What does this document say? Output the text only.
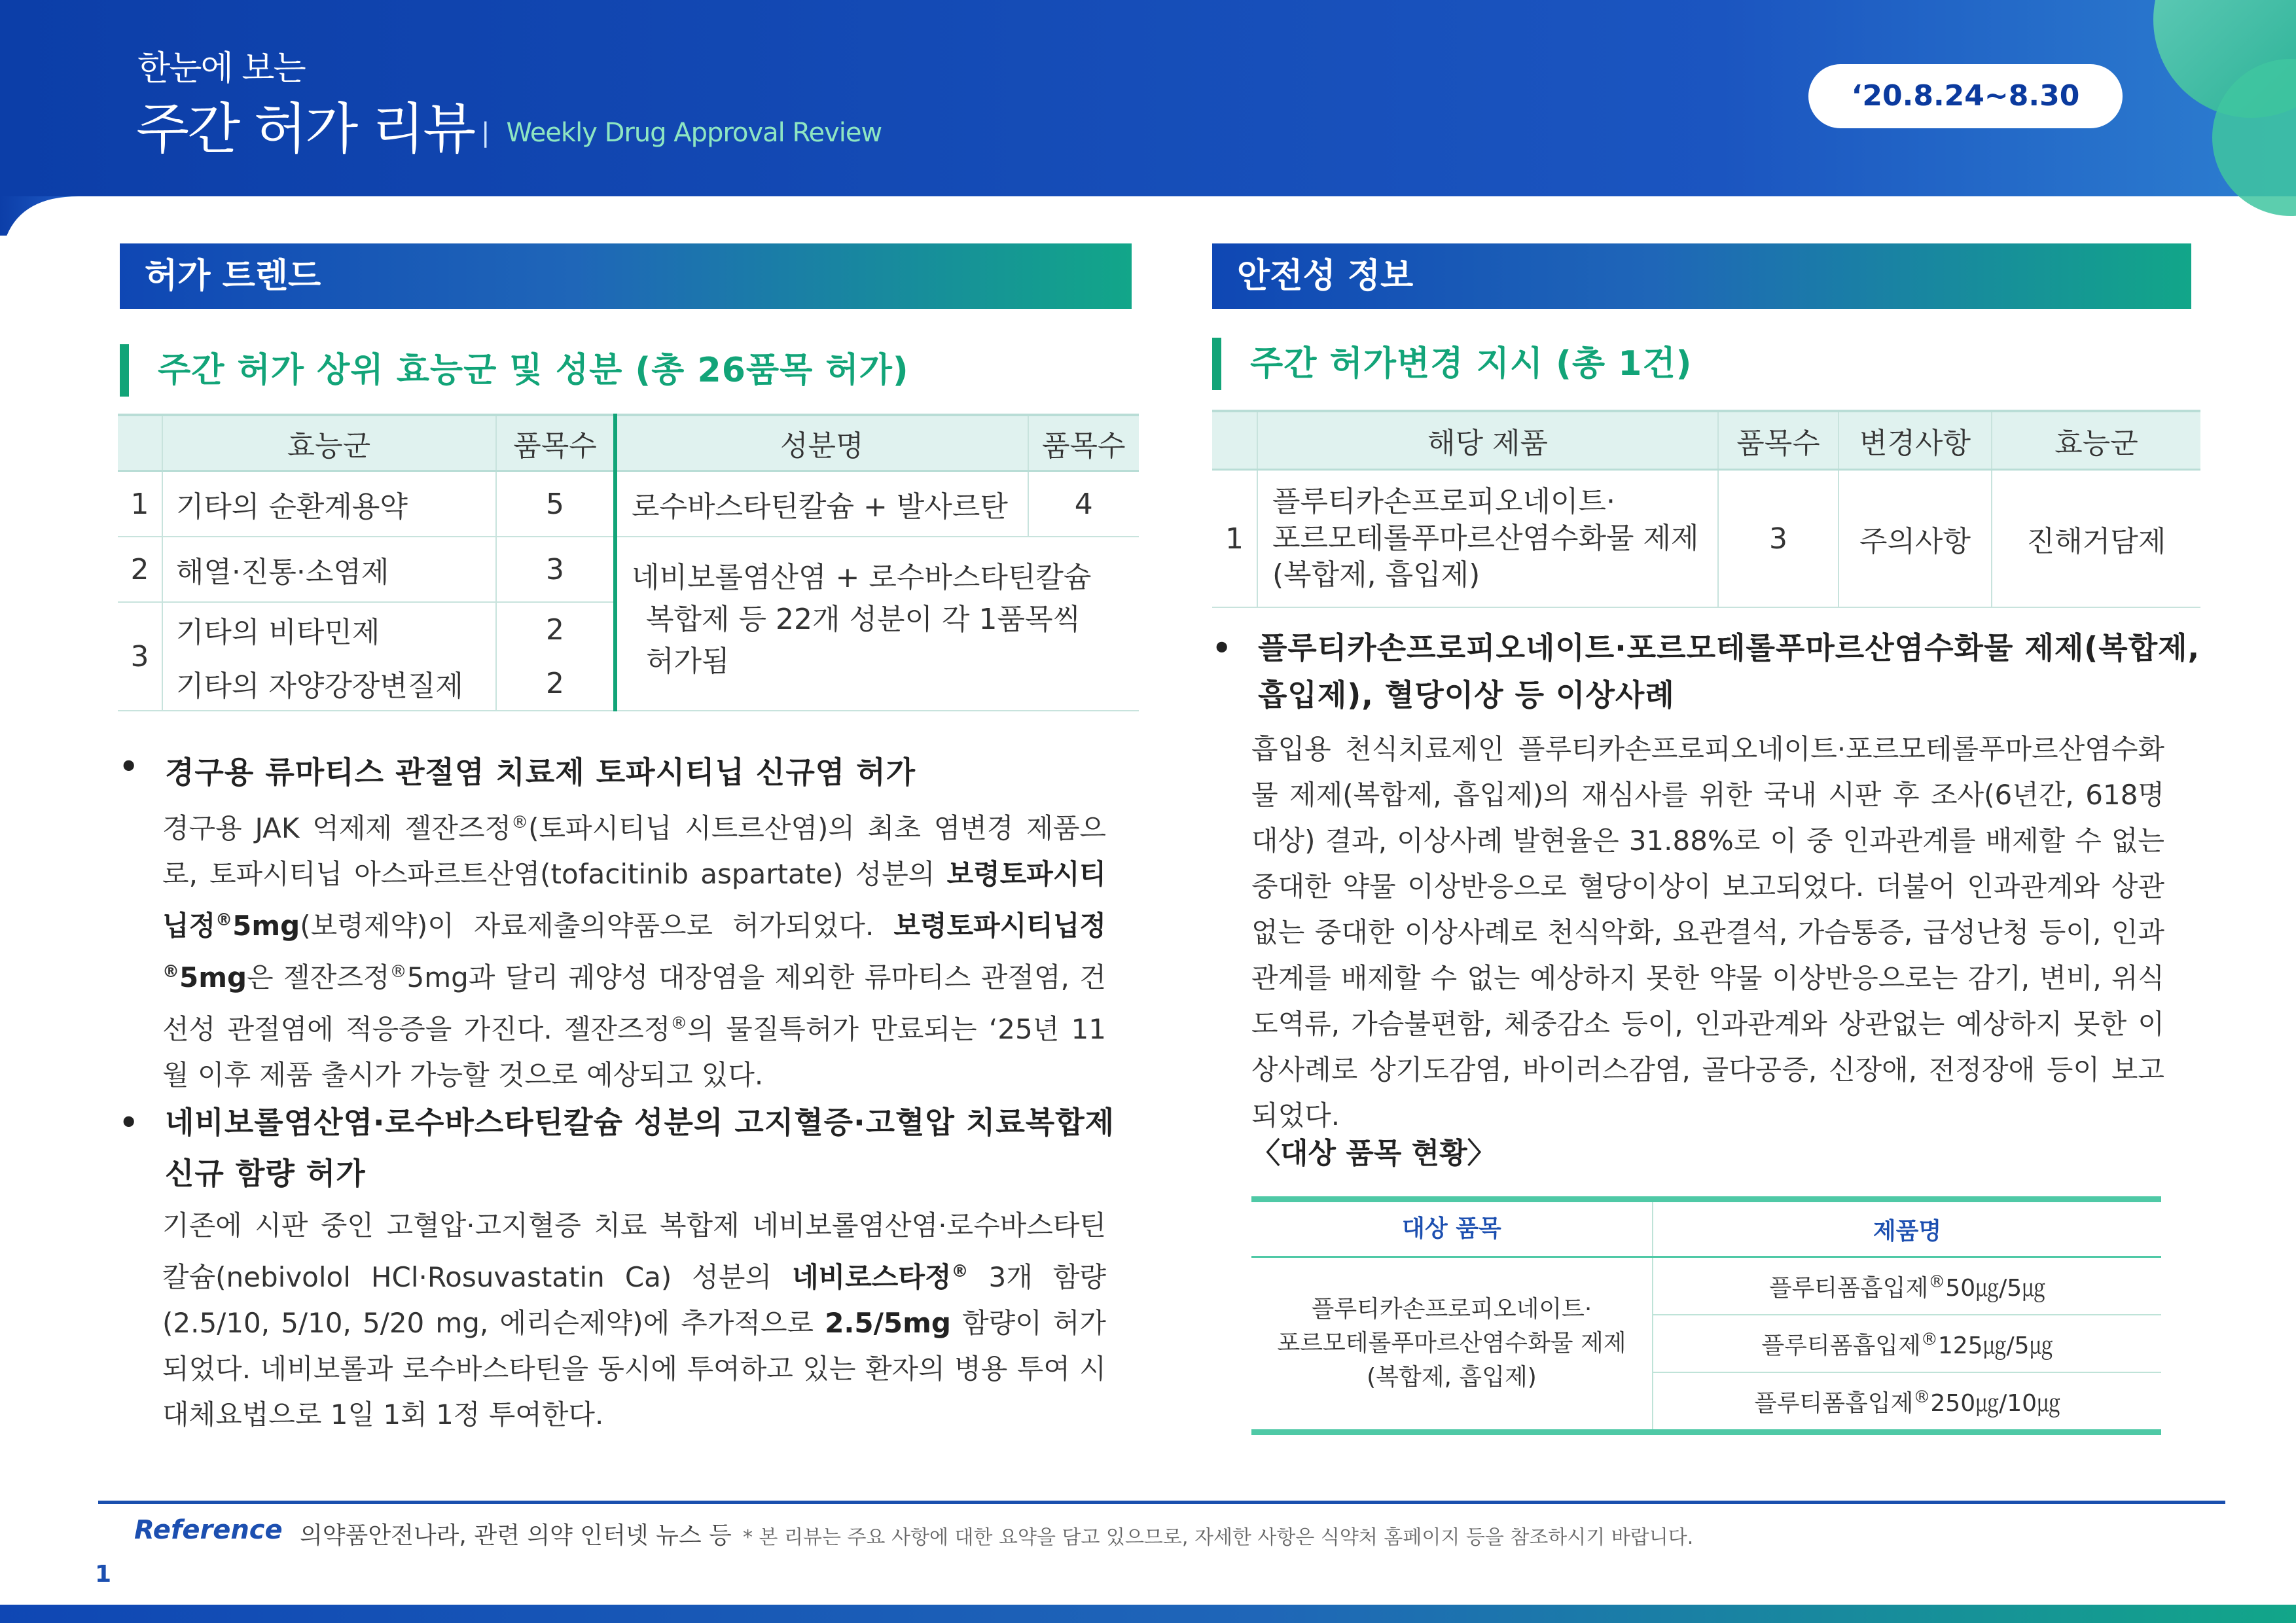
한눈에 보는
주간 허가 리뷰 | Weekly Drug Approval Review
‘20.8.24~8.30
허가 트렌드
주간 허가 상위 효능군 및 성분 (총 26품목 허가)
	효능군	품목수	성분명	품목수
1	기타의 순환계용약	5	로수바스타틴칼슘 + 발사르탄	4
2	해열·진통·소염제	3	네비보롤염산염 + 로수바스타틴칼슘
복합제 등 22개 성분이 각 1품목씩
허가됨	

3	기타의 비타민제	2		
	기타의 자양강장변질제	2		
• 경구용 류마티스 관절염 치료제 토파시티닙 신규염 허가
경구용 JAK 억제제 젤잔즈정®(토파시티닙 시트르산염)의 최초 염변경 제품으로, 토파시티닙 아스파르트산염(tofacitinib aspartate) 성분의 보령토파시티닙정®5mg(보령제약)이 자료제출의약품으로 허가되었다. 보령토파시티닙정®5mg은 젤잔즈정®5mg과 달리 궤양성 대장염을 제외한 류마티스 관절염, 건선성 관절염에 적응증을 가진다. 젤잔즈정®의 물질특허가 만료되는 ‘25년 11월 이후 제품 출시가 가능할 것으로 예상되고 있다.
• 네비보롤염산염·로수바스타틴칼슘 성분의 고지혈증·고혈압 치료복합제
신규 함량 허가
기존에 시판 중인 고혈압·고지혈증 치료 복합제 네비보롤염산염·로수바스타틴칼슘(nebivolol HCl·Rosuvastatin Ca) 성분의 네비로스타정® 3개 함량(2.5/10, 5/10, 5/20 mg, 에리슨제약)에 추가적으로 2.5/5mg 함량이 허가되었다. 네비보롤과 로수바스타틴을 동시에 투여하고 있는 환자의 병용 투여 시 대체요법으로 1일 1회 1정 투여한다.
안전성 정보
주간 허가변경 지시 (총 1건)
	해당 제품	품목수	변경사항	효능군
1	플루티카손프로피오네이트·
포르모테롤푸마르산염수화물 제제
(복합제, 흡입제)	3	주의사항	진해거담제
• 플루티카손프로피오네이트·포르모테롤푸마르산염수화물 제제(복합제,
흡입제), 혈당이상 등 이상사례
흡입용 천식치료제인 플루티카손프로피오네이트·포르모테롤푸마르산염수화물 제제(복합제, 흡입제)의 재심사를 위한 국내 시판 후 조사(6년간, 618명 대상) 결과, 이상사례 발현율은 31.88%로 이 중 인과관계를 배제할 수 없는 중대한 약물 이상반응으로 혈당이상이 보고되었다. 더불어 인과관계와 상관없는 중대한 이상사례로 천식악화, 요관결석, 가슴통증, 급성난청 등이, 인과관계를 배제할 수 없는 예상하지 못한 약물 이상반응으로는 감기, 변비, 위식도역류, 가슴불편함, 체중감소 등이, 인과관계와 상관없는 예상하지 못한 이상사례로 상기도감염, 바이러스감염, 골다공증, 신장애, 전정장애 등이 보고되었다.
〈대상 품목 현황〉
대상 품목	제품명

플루티카손프로피오네이트·
포르모테롤푸마르산염수화물 제제
(복합제, 흡입제)	플루티폼흡입제®50㎍/5㎍
	플루티폼흡입제®125㎍/5㎍
	플루티폼흡입제®250㎍/10㎍
Reference 의약품안전나라, 관련 의약 인터넷 뉴스 등 * 본 리뷰는 주요 사항에 대한 요약을 담고 있으므로, 자세한 사항은 식약처 홈페이지 등을 참조하시기 바랍니다.
1
